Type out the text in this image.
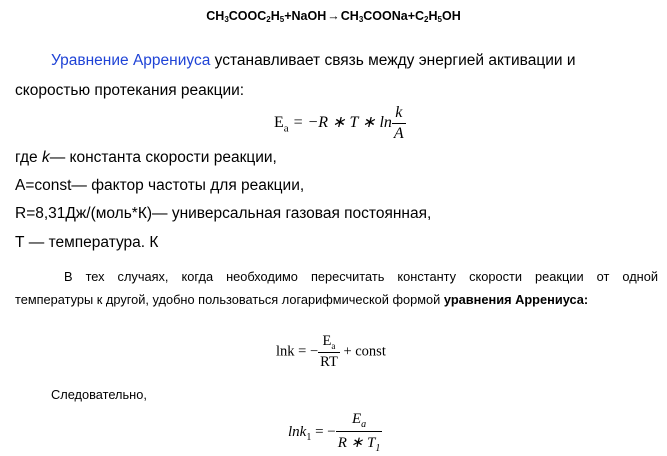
$CH_3COOC_2H_5+NaOH\to CH_3COONa+C_2H_5OH$
Уравнение Аррениуса устанавливает связь между энергией активации и
скоростью протекания реакции:
$E_a = -R$ ∗ T ∗ $\ln \frac{k}{A}$
где k— константа скорости реакции,
A=const— фактор частоты для реакции,
R=8,31Дж/(моль*К)— универсальная газовая постоянная,
Т — температура. К
В тех случаях, когда необходимо пересчитать константу скорости реакции от одной
температуры к другой, удобно пользоваться логарифмической формой уравнения Аррениуса:
lnk = − $\frac{E_a}{RT}$ + const
Следовательно,
lnk$_1$ = − $\frac{E_a}{R ∗ T_1}$
